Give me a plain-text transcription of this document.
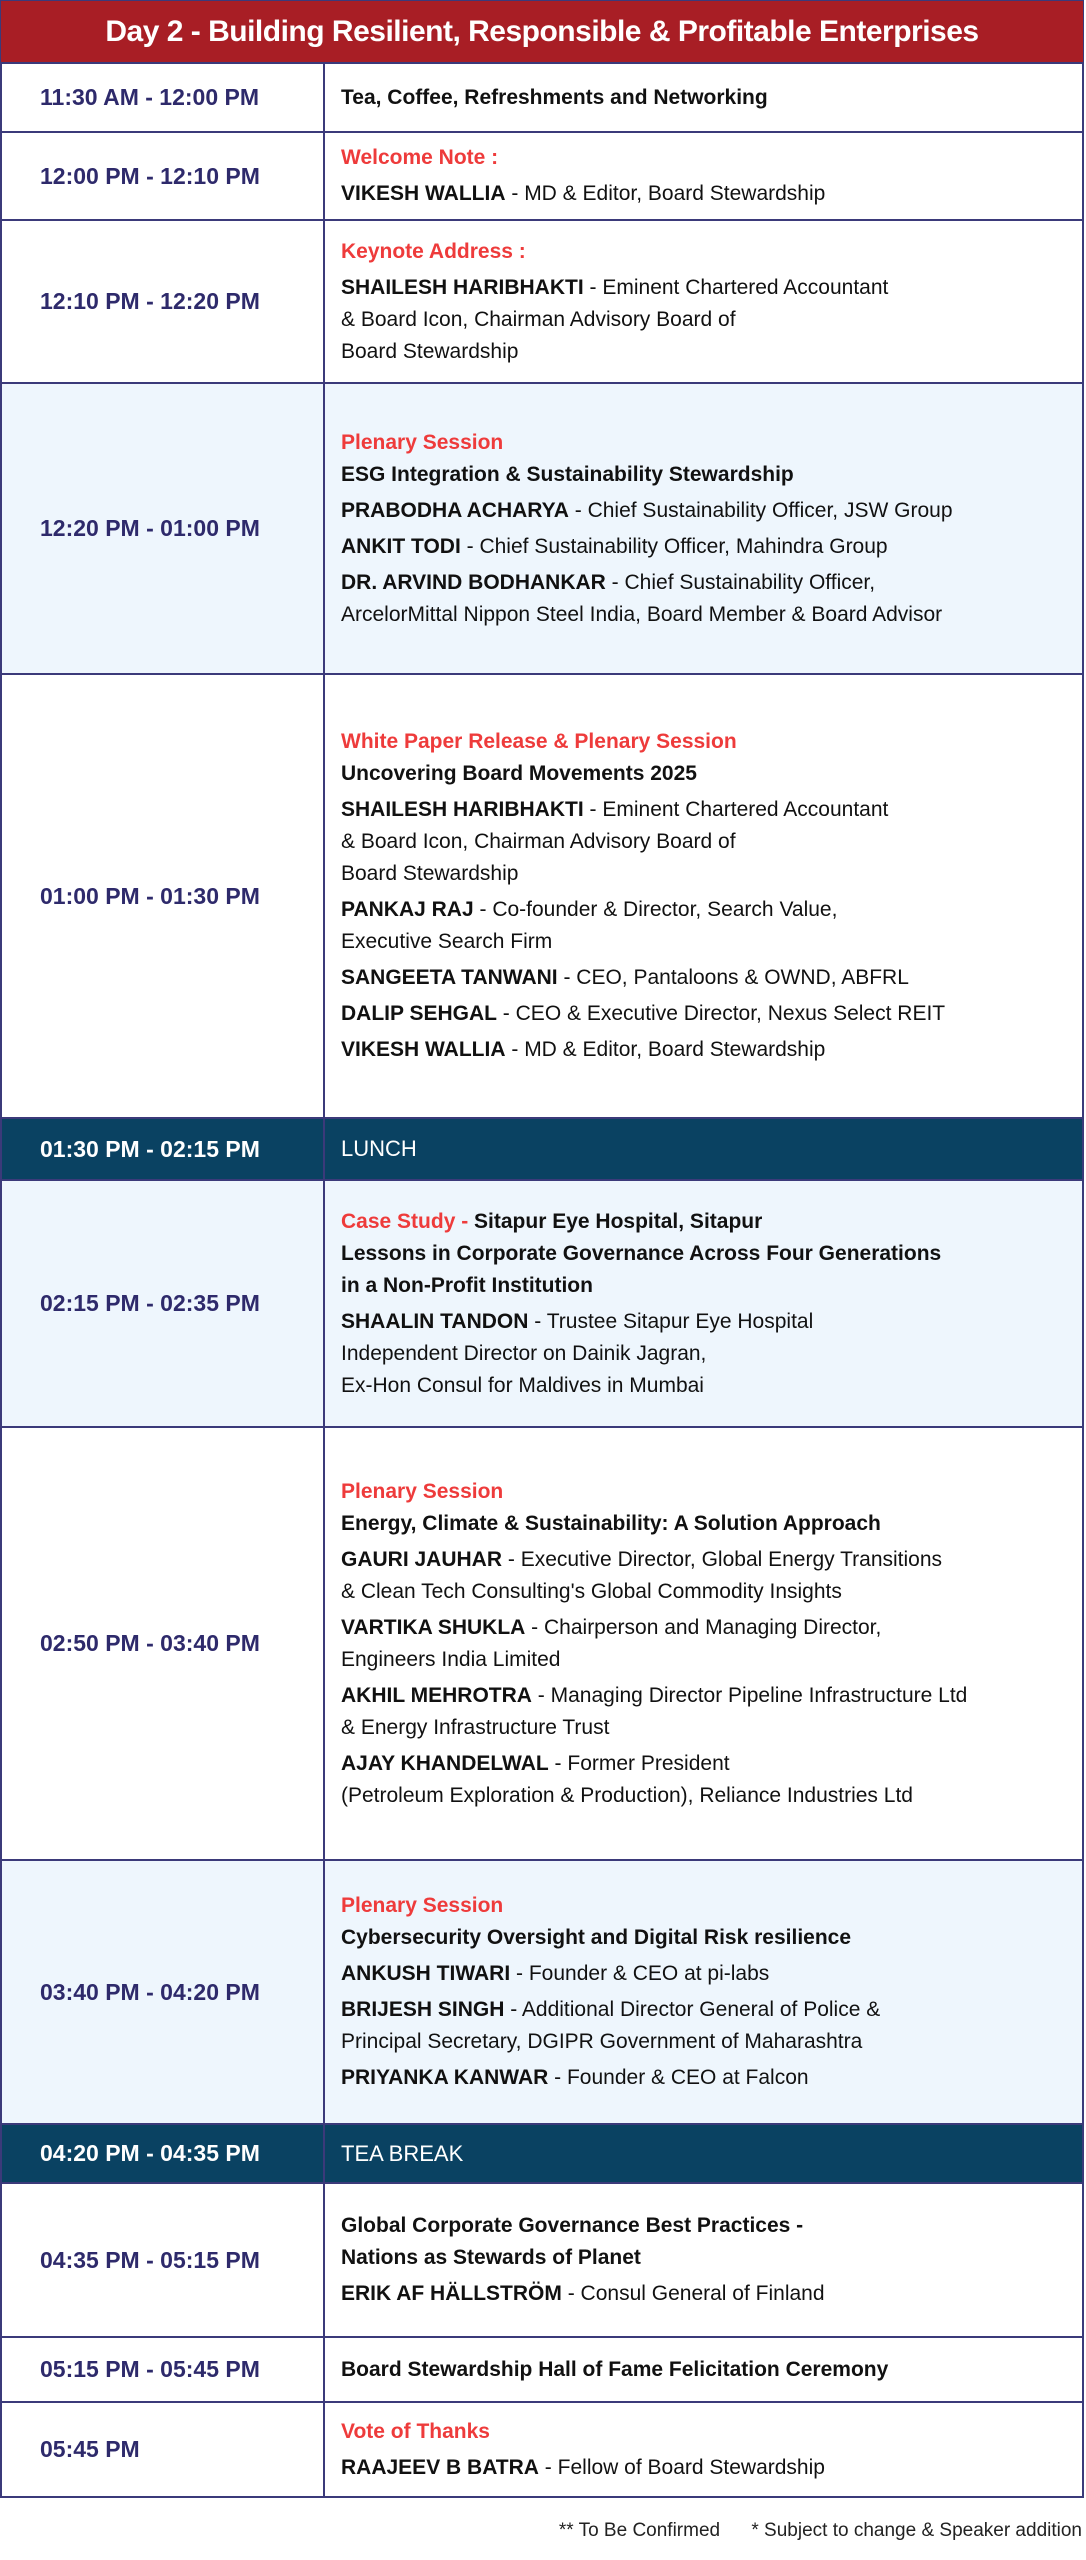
Day 2 - Building Resilient, Responsible & Profitable Enterprises
11:30 AM - 12:00 PM	Tea, Coffee, Refreshments and Networking
12:00 PM - 12:10 PM
Welcome Note :
VIKESH WALLIA - MD & Editor, Board Stewardship
12:10 PM - 12:20 PM
Keynote Address :
SHAILESH HARIBHAKTI - Eminent Chartered Accountant
& Board Icon, Chairman Advisory Board of
Board Stewardship
12:20 PM - 01:00 PM
Plenary Session
ESG Integration & Sustainability Stewardship
PRABODHA ACHARYA - Chief Sustainability Officer, JSW Group
ANKIT TODI - Chief Sustainability Officer, Mahindra Group
DR. ARVIND BODHANKAR - Chief Sustainability Officer,
ArcelorMittal Nippon Steel India, Board Member & Board Advisor
01:00 PM - 01:30 PM
White Paper Release & Plenary Session
Uncovering Board Movements 2025
SHAILESH HARIBHAKTI - Eminent Chartered Accountant
& Board Icon, Chairman Advisory Board of
Board Stewardship
PANKAJ RAJ - Co-founder & Director, Search Value,
Executive Search Firm
SANGEETA TANWANI - CEO, Pantaloons & OWND, ABFRL
DALIP SEHGAL - CEO & Executive Director, Nexus Select REIT
VIKESH WALLIA - MD & Editor, Board Stewardship
01:30 PM - 02:15 PM	LUNCH
02:15 PM - 02:35 PM
Case Study - Sitapur Eye Hospital, Sitapur
Lessons in Corporate Governance Across Four Generations
in a Non-Profit Institution
SHAALIN TANDON - Trustee Sitapur Eye Hospital
Independent Director on Dainik Jagran,
Ex-Hon Consul for Maldives in Mumbai
02:50 PM - 03:40 PM
Plenary Session
Energy, Climate & Sustainability: A Solution Approach
GAURI JAUHAR - Executive Director, Global Energy Transitions
& Clean Tech Consulting's Global Commodity Insights
VARTIKA SHUKLA - Chairperson and Managing Director,
Engineers India Limited
AKHIL MEHROTRA - Managing Director Pipeline Infrastructure Ltd
& Energy Infrastructure Trust
AJAY KHANDELWAL - Former President
(Petroleum Exploration & Production), Reliance Industries Ltd
03:40 PM - 04:20 PM
Plenary Session
Cybersecurity Oversight and Digital Risk resilience
ANKUSH TIWARI - Founder & CEO at pi-labs
BRIJESH SINGH - Additional Director General of Police &
Principal Secretary, DGIPR Government of Maharashtra
PRIYANKA KANWAR - Founder & CEO at Falcon
04:20 PM - 04:35 PM	TEA BREAK
04:35 PM - 05:15 PM
Global Corporate Governance Best Practices -
Nations as Stewards of Planet
ERIK AF HÄLLSTRÖM - Consul General of Finland
05:15 PM - 05:45 PM	Board Stewardship Hall of Fame Felicitation Ceremony
05:45 PM
Vote of Thanks
RAAJEEV B BATRA - Fellow of Board Stewardship
** To Be Confirmed * Subject to change & Speaker addition
